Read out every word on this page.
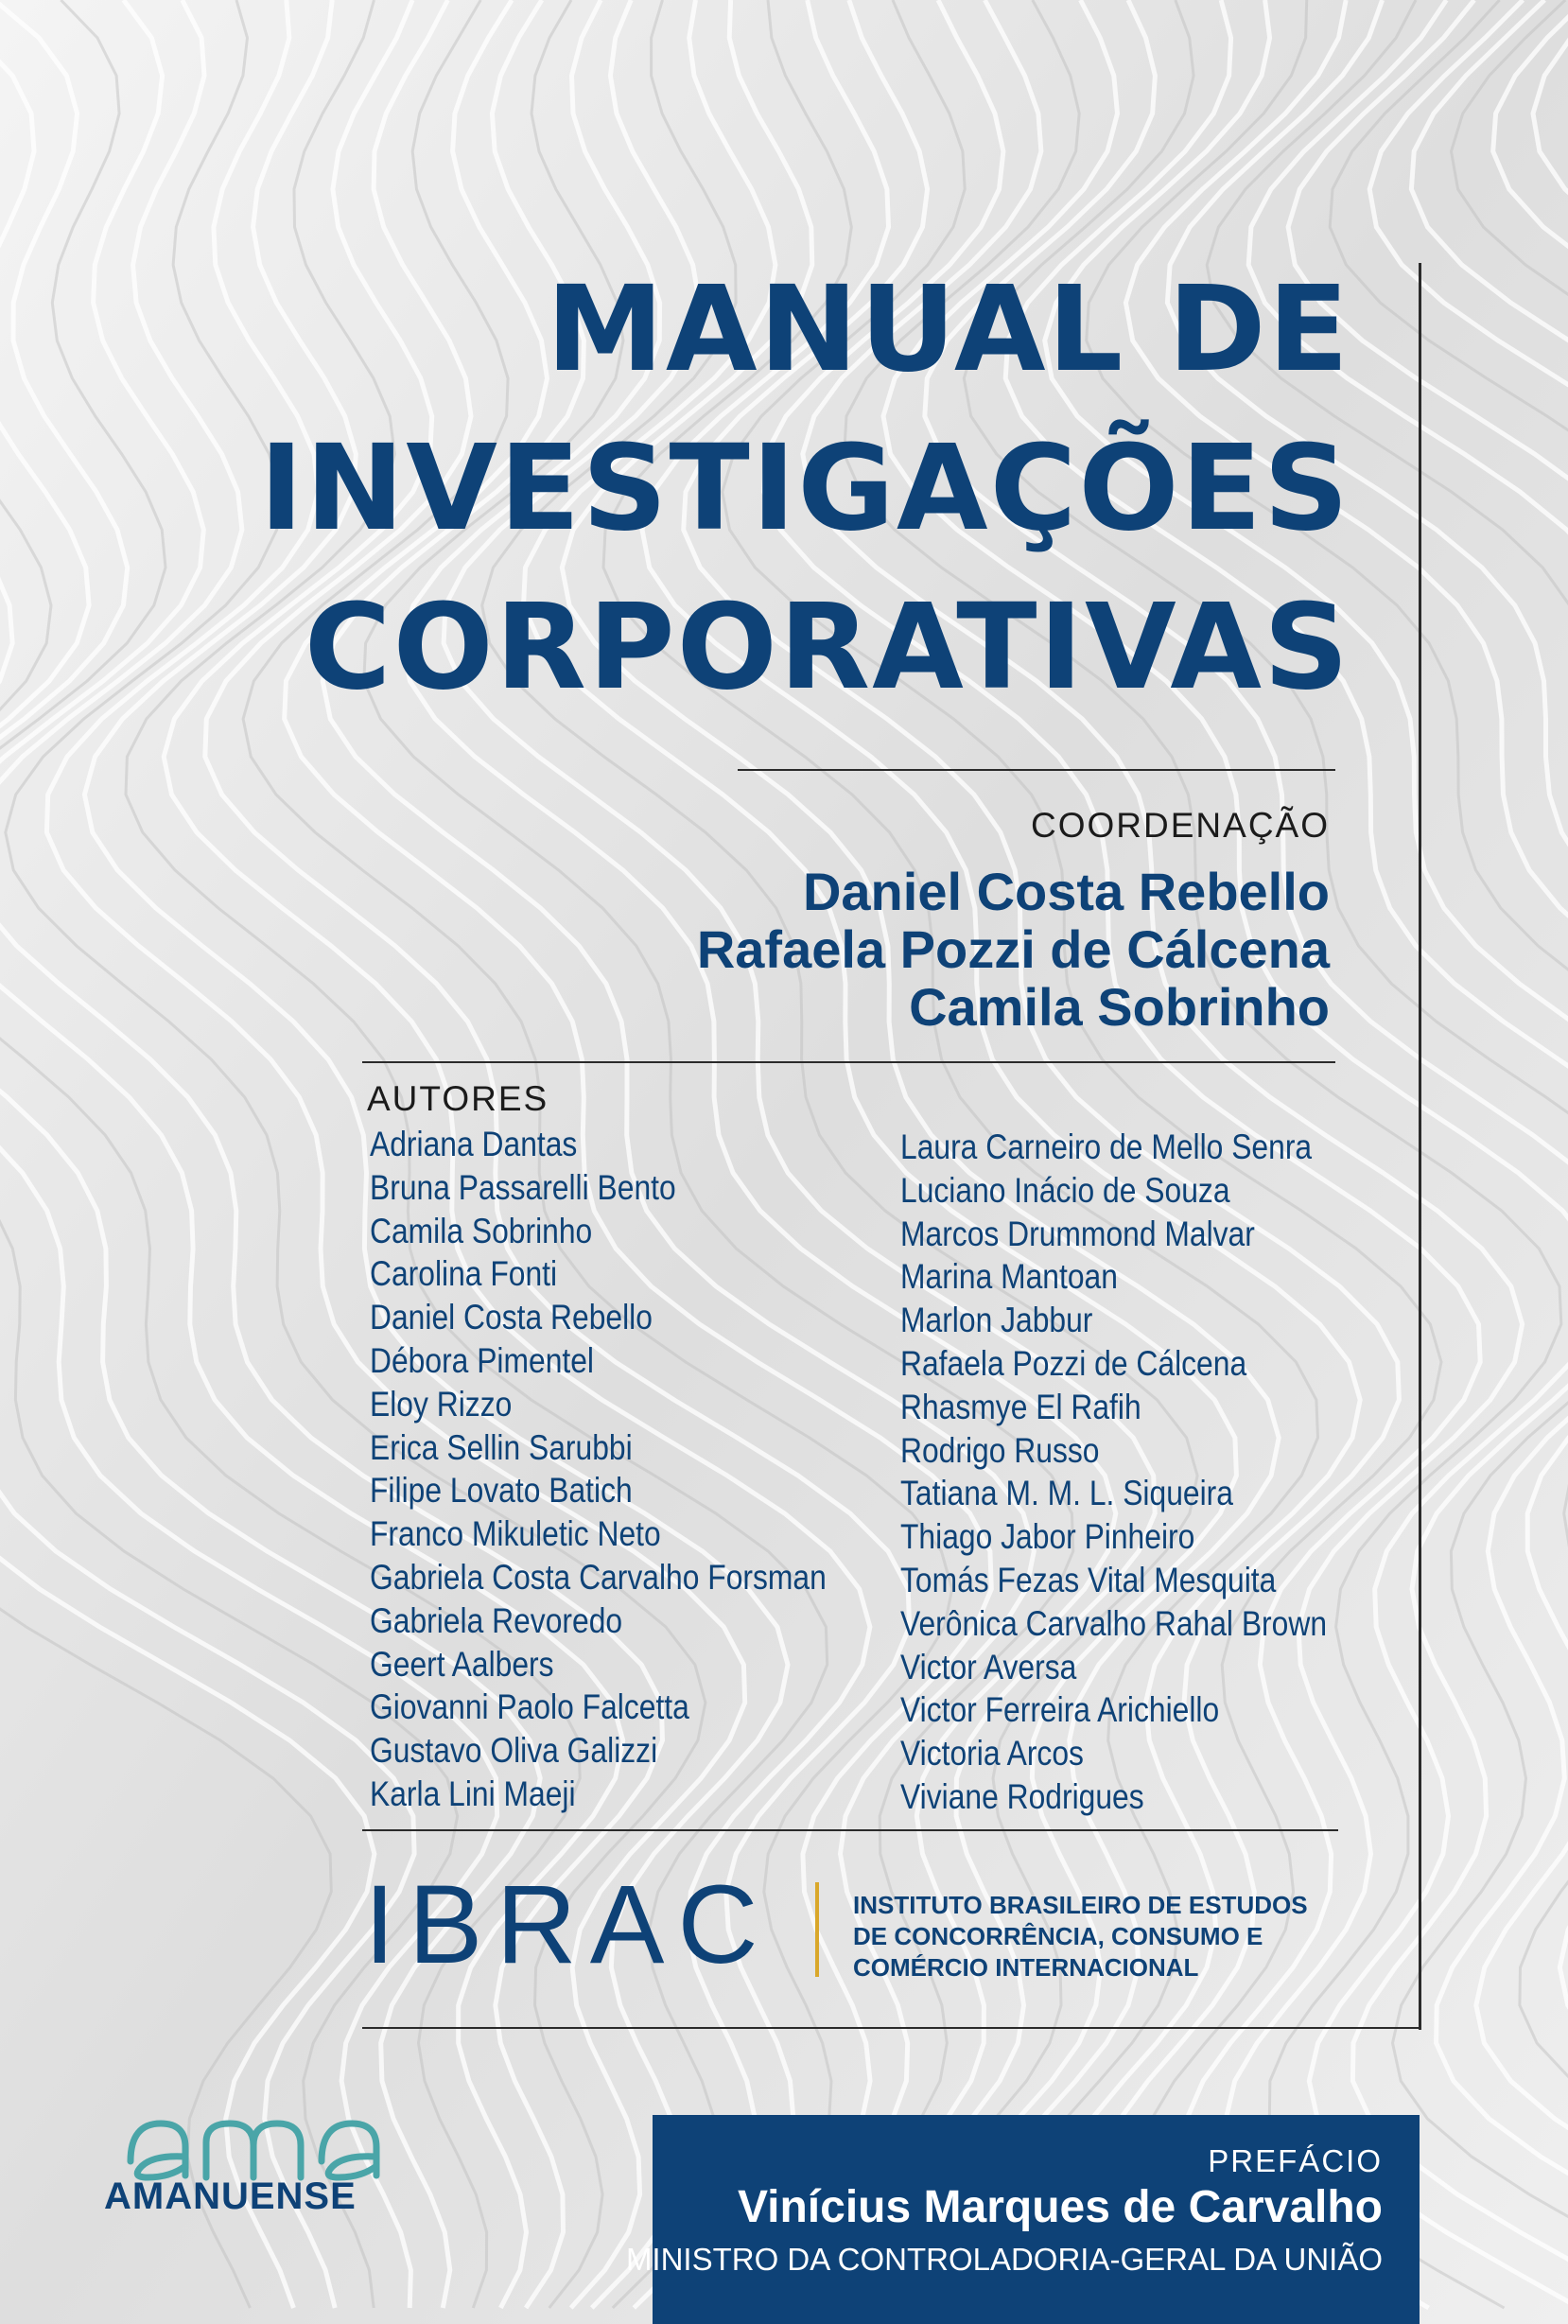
MANUAL DE
INVESTIGAÇÕES
CORPORATIVAS
COORDENAÇÃO
Daniel Costa Rebello
Rafaela Pozzi de Cálcena
Camila Sobrinho
AUTORES
Adriana Dantas
Bruna Passarelli Bento
Camila Sobrinho
Carolina Fonti
Daniel Costa Rebello
Débora Pimentel
Eloy Rizzo
Erica Sellin Sarubbi
Filipe Lovato Batich
Franco Mikuletic Neto
Gabriela Costa Carvalho Forsman
Gabriela Revoredo
Geert Aalbers
Giovanni Paolo Falcetta
Gustavo Oliva Galizzi
Karla Lini Maeji
Laura Carneiro de Mello Senra
Luciano Inácio de Souza
Marcos Drummond Malvar
Marina Mantoan
Marlon Jabbur
Rafaela Pozzi de Cálcena
Rhasmye El Rafih
Rodrigo Russo
Tatiana M. M. L. Siqueira
Thiago Jabor Pinheiro
Tomás Fezas Vital Mesquita
Verônica Carvalho Rahal Brown
Victor Aversa
Victor Ferreira Arichiello
Victoria Arcos
Viviane Rodrigues
IBRAC	INSTITUTO BRASILEIRO DE ESTUDOS
DE CONCORRÊNCIA, CONSUMO E
COMÉRCIO INTERNACIONAL
AMANUENSE
PREFÁCIO
Vinícius Marques de Carvalho
MINISTRO DA CONTROLADORIA-GERAL DA UNIÃO
